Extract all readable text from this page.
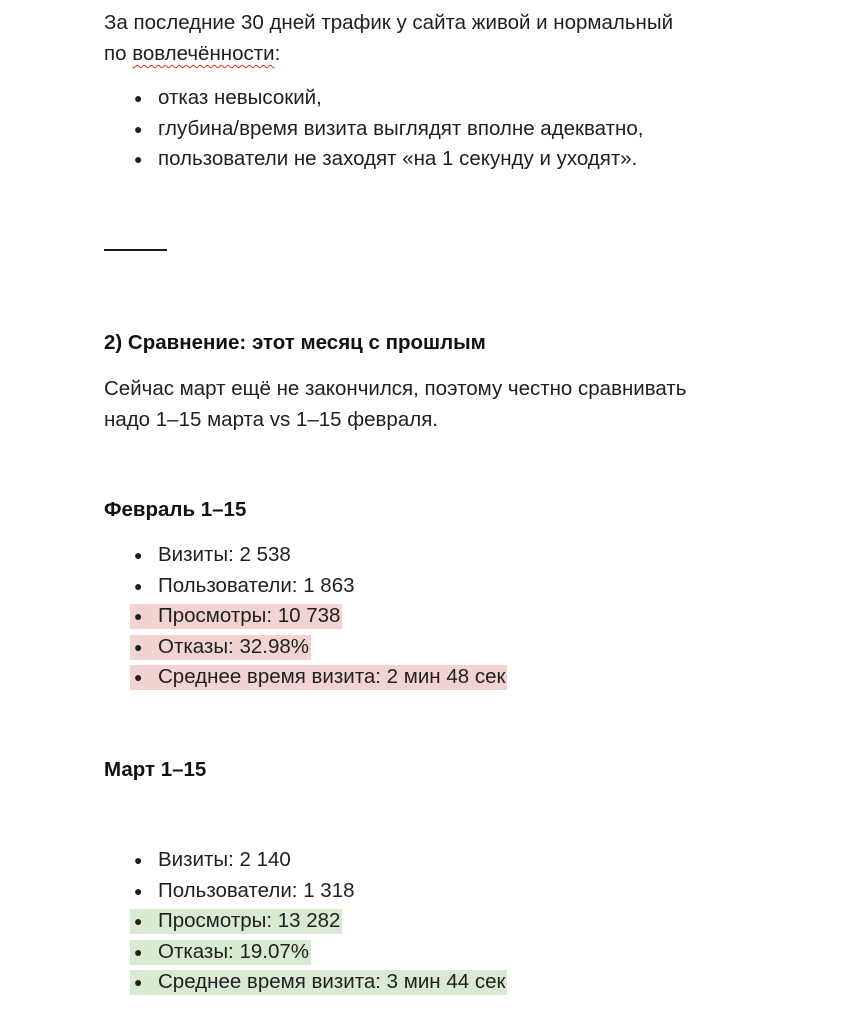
За последние 30 дней трафик у сайта живой и нормальный
по вовлечённости:
● отказ невысокий,
● глубина/время визита выглядят вполне адекватно,
● пользователи не заходят «на 1 секунду и уходят».
2) Сравнение: этот месяц с прошлым
Сейчас март ещё не закончился, поэтому честно сравнивать
надо 1–15 марта vs 1–15 февраля.
Февраль 1–15
● Визиты: 2 538
● Пользователи: 1 863
● Просмотры: 10 738
● Отказы: 32.98%
● Среднее время визита: 2 мин 48 сек
Март 1–15
● Визиты: 2 140
● Пользователи: 1 318
● Просмотры: 13 282
● Отказы: 19.07%
● Среднее время визита: 3 мин 44 сек
